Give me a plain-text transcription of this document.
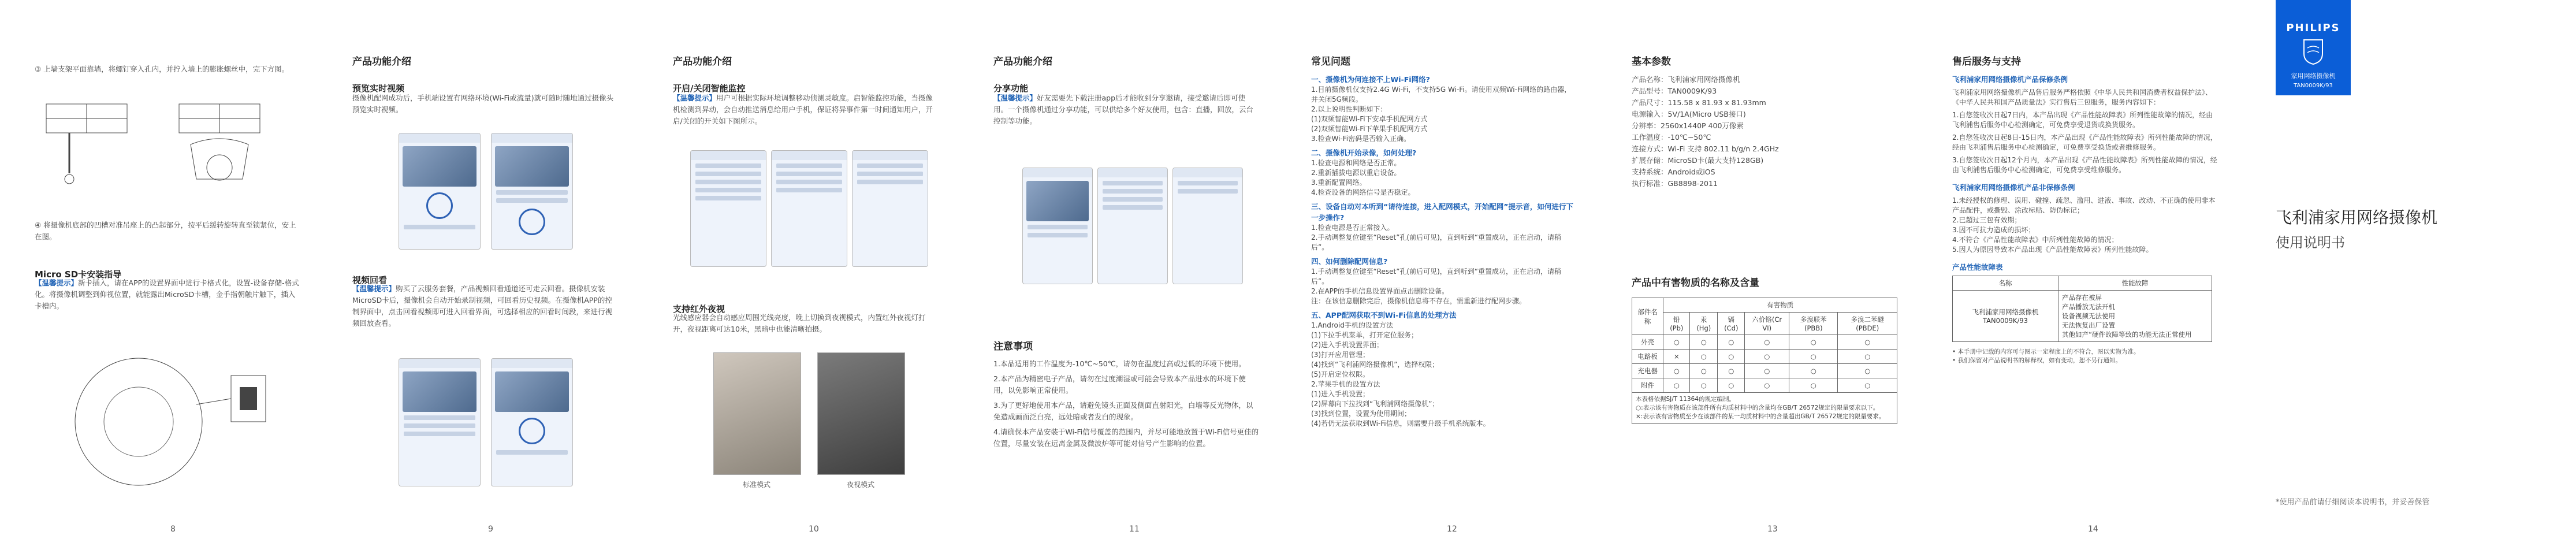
③ 上墙支架平面靠墙，将螺钉穿入孔内，并拧入墙上的膨胀螺丝中，完下方图。

④ 将摄像机底部的凹槽对准吊座上的凸起部分，按平后缓转旋转直至锁紧位，安上在图。

Micro SD卡安装指导

【温馨提示】新卡插入，请在APP的设置界面中进行卡格式化，设置-设备存储-格式化。将摄像机调整到仰视位置，就能露出MicroSD卡槽，金手指朝触片触下，插入卡槽内。

8
产品功能介绍
预览实时视频

摄像机配网成功后，手机端设置有网络环境(Wi-Fi或流量)就可随时随地通过摄像头预览实时视频。

视频回看

【温馨提示】购买了云服务套餐，产品视频回看通道还可走云回看。摄像机安装MicroSD卡后，摄像机会自动开始录制视频，可回看历史视频。在摄像机APP的控制界面中，点击回看视频即可进入回看界面，可选择相应的回看时间段，来进行视频回放查看。

9
产品功能介绍
开启/关闭智能监控

【温馨提示】用户可根据实际环境调整移动侦测灵敏度。启智能监控功能，当摄像机检测到异动，会自动推送消息给用户手机，保证将异事件第一时间通知用户，开启/关闭的开关如下图所示。

支持红外夜视

光线感应器会自动感应周围光线亮度，晚上切换到夜视模式，内置红外夜视灯打开，夜视距离可达10米，黑暗中也能清晰拍摄。

标准模式	夜视模式
10
产品功能介绍
分享功能

【温馨提示】好友需要先下载注册app后才能收到分享邀请，接受邀请后即可使用。一个摄像机通过分享功能，可以供给多个好友使用，包含：直播，回放，云台控制等功能。

注意事项

1.本品适用的工作温度为-10℃~50℃，请勿在温度过高或过低的环境下使用。

2.本产品为精密电子产品，请勿在过度潮湿或可能会导致本产品进水的环境下使用，以免影响正常使用。

3.为了更好地使用本产品，请避免镜头正面及侧面直射阳光，白墙等反光物体，以免造成画面泛白亮，远处暗或者发白的现象。

4.请确保本产品安装于Wi-Fi信号覆盖的范围内，并尽可能地放置于Wi-Fi信号更佳的位置，尽量安装在远离金属及微波炉等可能对信号产生影响的位置。

11
常见问题
一、摄像机为何连接不上Wi-Fi网络?
1.目前摄像机仅支持2.4G Wi-Fi，不支持5G Wi-Fi。请使用双频Wi-Fi网络的路由器，并关闭5G频段。
2.以上说明性判断如下：
(1)双频智能Wi-Fi下安卓手机配网方式
(2)双频智能Wi-Fi下苹果手机配网方式
3.检查Wi-Fi密码是否输入正确。
二、摄像机开始录像，如何处理?
1.检查电源和网络是否正常。
2.重新插拔电源以重启设备。
3.重新配置网络。
4.检查设备的网络信号是否稳定。
三、设备自动对本听到“请待连接，进入配网模式，开始配网”提示音，如何进行下一步操作?
1.检查电源是否正常接入。
2.手动调整复位键至“Reset”孔(前后可见)，直到听到“重置成功，正在启动，请稍后”。
四、如何删除配网信息?
1.手动调整复位键至“Reset”孔(前后可见)，直到听到“重置成功，正在启动，请稍后”。
2.在APP的手机信息设置界面点击删除设备。
注：在该信息删除完后，摄像机信息将不存在，需重新进行配网步骤。
五、APP配网获取不到Wi-Fi信息的处理方法
1.Android手机的设置方法
(1)下拉手机菜单，打开定位服务；
(2)进入手机设置界面；
(3)打开应用管理；
(4)找到“飞利浦网络摄像机”，选择权限；
(5)开启定位权限。
2.苹果手机的设置方法
(1)进入手机设置；
(2)屏幕向下拉找到“飞利浦网络摄像机”；
(3)找到位置，设置为使用期间；
(4)若仍无法获取到Wi-Fi信息，则需要升级手机系统版本。
12
基本参数

产品名称：飞利浦家用网络摄像机

产品型号：TAN0009K/93

产品尺寸：115.58 x 81.93 x 81.93mm

电源输入：5V/1A(Micro USB接口)

分辨率：2560x1440P 400万像素

工作温度：-10℃~50℃

连接方式：Wi-Fi 支持 802.11 b/g/n 2.4GHz

扩展存储：MicroSD卡(最大支持128GB)

支持系统：Android或iOS

执行标准：GB8898-2011

产品中有害物质的名称及含量
部件名称	有害物质					
	铅(Pb)	汞(Hg)	镉(Cd)	六价铬(Cr VI)	多溴联苯(PBB)	多溴二苯醚(PBDE)
外壳	○	○	○	○	○	○
电路板	×	○	○	○	○	○
充电器	○	○	○	○	○	○
附件	○	○	○	○	○	○
本表格依据SJ/T 11364的规定编制。
○:表示该有害物质在该部件所有均质材料中的含量均在GB/T 26572规定的限量要求以下。
×:表示该有害物质至少在该部件的某一均质材料中的含量超出GB/T 26572规定的限量要求。						
13
售后服务与支持
飞利浦家用网络摄像机产品保修条例

飞利浦家用网络摄像机产品售后服务严格依照《中华人民共和国消费者权益保护法》、《中华人民共和国产品质量法》实行售后三包服务，服务内容如下：

1.自您签收次日起7日内，本产品出现《产品性能故障表》所列性能故障的情况，经由飞利浦售后服务中心检测确定，可免费享受退货或换货服务。

2.自您签收次日起8日-15日内，本产品出现《产品性能故障表》所列性能故障的情况，经由飞利浦售后服务中心检测确定，可免费享受换货或者维修服务。

3.自您签收次日起12个月内，本产品出现《产品性能故障表》所列性能故障的情况，经由飞利浦售后服务中心检测确定，可免费享受维修服务。

飞利浦家用网络摄像机产品非保修条例

1.未经授权的修理、误用、碰撞、疏忽、滥用、进液、事故、改动、不正确的使用非本产品配件，或撕毁、涂改标贴、防伪标记；

2.已超过三包有效期；

3.因不可抗力造成的损坏；

4.不符合《产品性能故障表》中所列性能故障的情况；

5.因人为原因导致本产品出现《产品性能故障表》所列性能故障。

产品性能故障表
名称	性能故障
飞利浦家用网络摄像机
TAN0009K/93	产品存在被屏
产品播放无法开机
设备视频无法使用
无法恢复出厂设置
其他如产“硬件故障等致的功能无法正常使用

• 本手册中记载的内容可与图示一定程度上的不符合，图以实物为准。
• 我们保留对产品说明书的解释权，如有变动，恕不另行通知。

14
PHILIPS
家用网络摄像机
TAN0009K/93
飞利浦家用网络摄像机
使用说明书
*使用产品前请仔细阅读本说明书，并妥善保管
